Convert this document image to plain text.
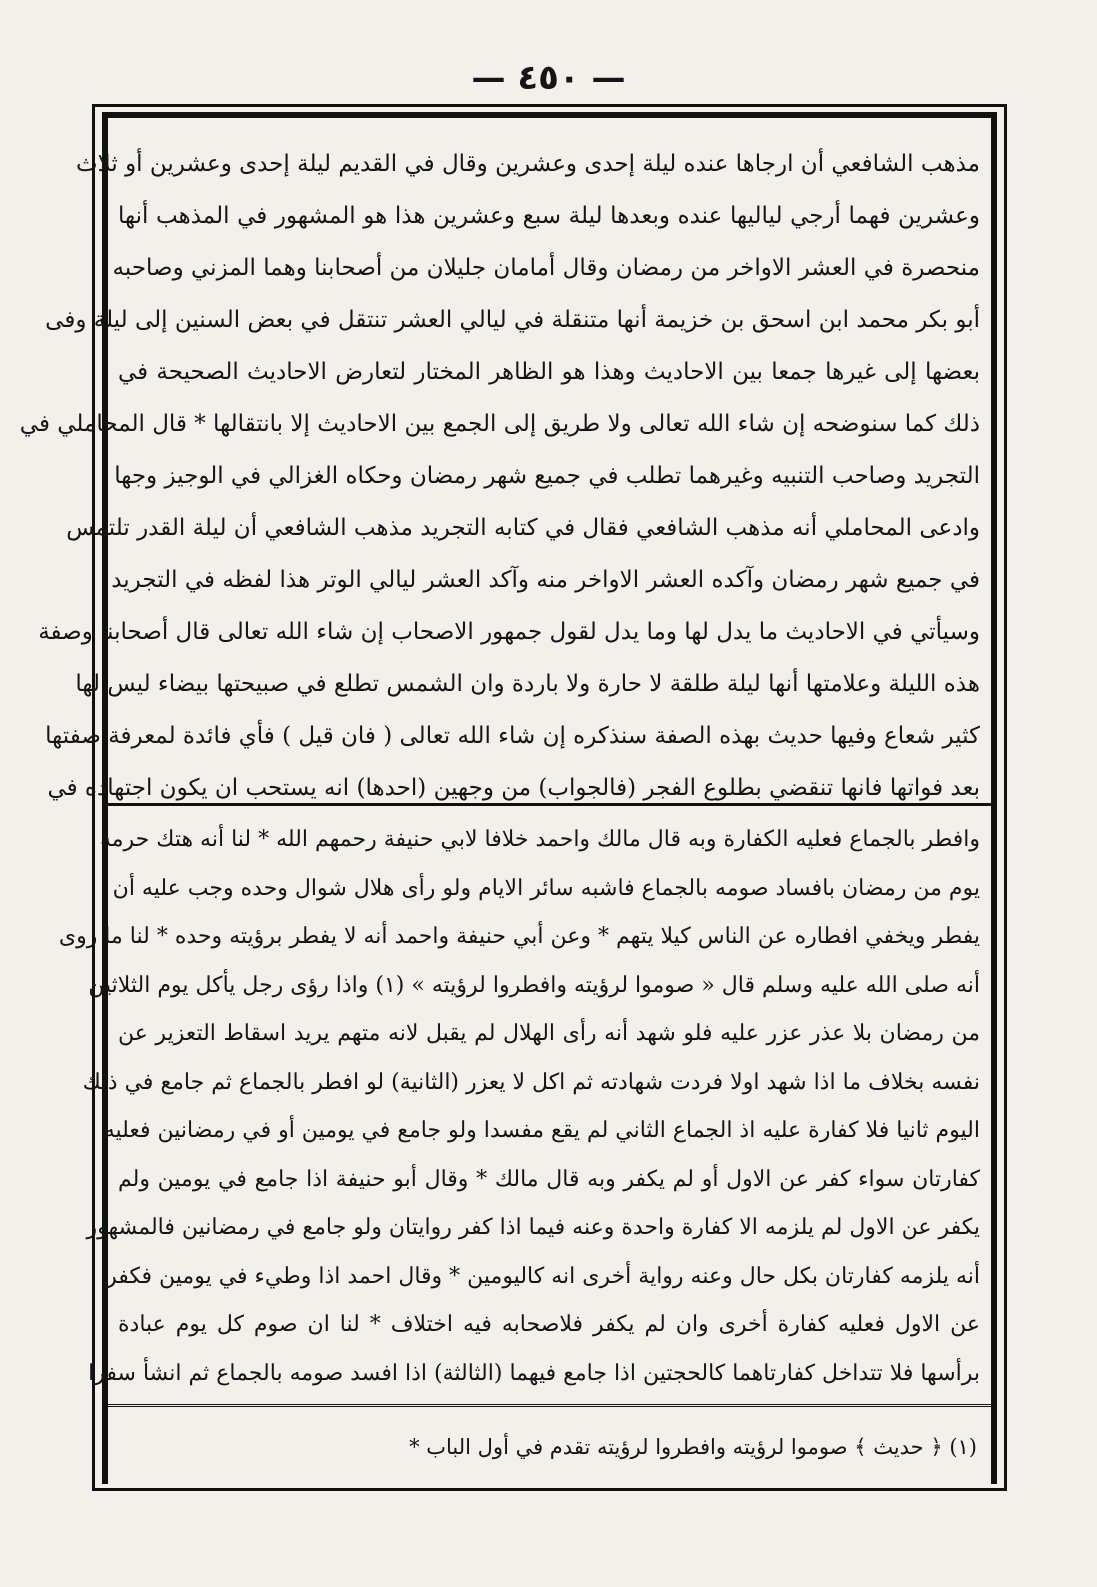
— ٤٥٠ —
مذهب الشافعي أن ارجاها عنده ليلة إحدى وعشرين وقال في القديم ليلة إحدى وعشرين أو ثلاث
وعشرين فهما أرجي لياليها عنده وبعدها ليلة سبع وعشرين هذا هو المشهور في المذهب أنها
منحصرة في العشر الاواخر من رمضان وقال أمامان جليلان من أصحابنا وهما المزني وصاحبه
أبو بكر محمد ابن اسحق بن خزيمة أنها متنقلة في ليالي العشر تنتقل في بعض السنين إلى ليلة وفى
بعضها إلى غيرها جمعا بين الاحاديث وهذا هو الظاهر المختار لتعارض الاحاديث الصحيحة في
ذلك كما سنوضحه إن شاء الله تعالى ولا طريق إلى الجمع بين الاحاديث إلا بانتقالها * قال المحاملي في
التجريد وصاحب التنبيه وغيرهما تطلب في جميع شهر رمضان وحكاه الغزالي في الوجيز وجها
وادعى المحاملي أنه مذهب الشافعي فقال في كتابه التجريد مذهب الشافعي أن ليلة القدر تلتمس
في جميع شهر رمضان وآكده العشر الاواخر منه وآكد العشر ليالي الوتر هذا لفظه في التجريد
وسيأتي في الاحاديث ما يدل لها وما يدل لقول جمهور الاصحاب إن شاء الله تعالى قال أصحابنا وصفة
هذه الليلة وعلامتها أنها ليلة طلقة لا حارة ولا باردة وان الشمس تطلع في صبيحتها بيضاء ليس لها
كثير شعاع وفيها حديث بهذه الصفة سنذكره إن شاء الله تعالى ( فان قيل ) فأي فائدة لمعرفة صفتها
بعد فواتها فانها تنقضي بطلوع الفجر (فالجواب) من وجهين (احدها) انه يستحب ان يكون اجتهاده في
وافطر بالجماع فعليه الكفارة وبه قال مالك واحمد خلافا لابي حنيفة رحمهم الله * لنا أنه هتك حرمة
يوم من رمضان بافساد صومه بالجماع فاشبه سائر الايام ولو رأى هلال شوال وحده وجب عليه أن
يفطر ويخفي افطاره عن الناس كيلا يتهم * وعن أبي حنيفة واحمد أنه لا يفطر برؤيته وحده * لنا ما روى
أنه صلى الله عليه وسلم قال « صوموا لرؤيته وافطروا لرؤيته » (١) واذا رؤى رجل يأكل يوم الثلاثين
من رمضان بلا عذر عزر عليه فلو شهد أنه رأى الهلال لم يقبل لانه متهم يريد اسقاط التعزير عن
نفسه بخلاف ما اذا شهد اولا فردت شهادته ثم اكل لا يعزر (الثانية) لو افطر بالجماع ثم جامع في ذلك
اليوم ثانيا فلا كفارة عليه اذ الجماع الثاني لم يقع مفسدا ولو جامع في يومين أو في رمضانين فعليه
كفارتان سواء كفر عن الاول أو لم يكفر وبه قال مالك * وقال أبو حنيفة اذا جامع في يومين ولم
يكفر عن الاول لم يلزمه الا كفارة واحدة وعنه فيما اذا كفر روايتان ولو جامع في رمضانين فالمشهور
أنه يلزمه كفارتان بكل حال وعنه رواية أخرى انه كاليومين * وقال احمد اذا وطيء في يومين فكفر
عن الاول فعليه كفارة أخرى وان لم يكفر فلاصحابه فيه اختلاف * لنا ان صوم كل يوم عبادة
برأسها فلا تتداخل كفارتاهما كالحجتين اذا جامع فيهما (الثالثة) اذا افسد صومه بالجماع ثم انشأ سفرا
(١) ﴿ حديث ﴾ صوموا لرؤيته وافطروا لرؤيته تقدم في أول الباب *
